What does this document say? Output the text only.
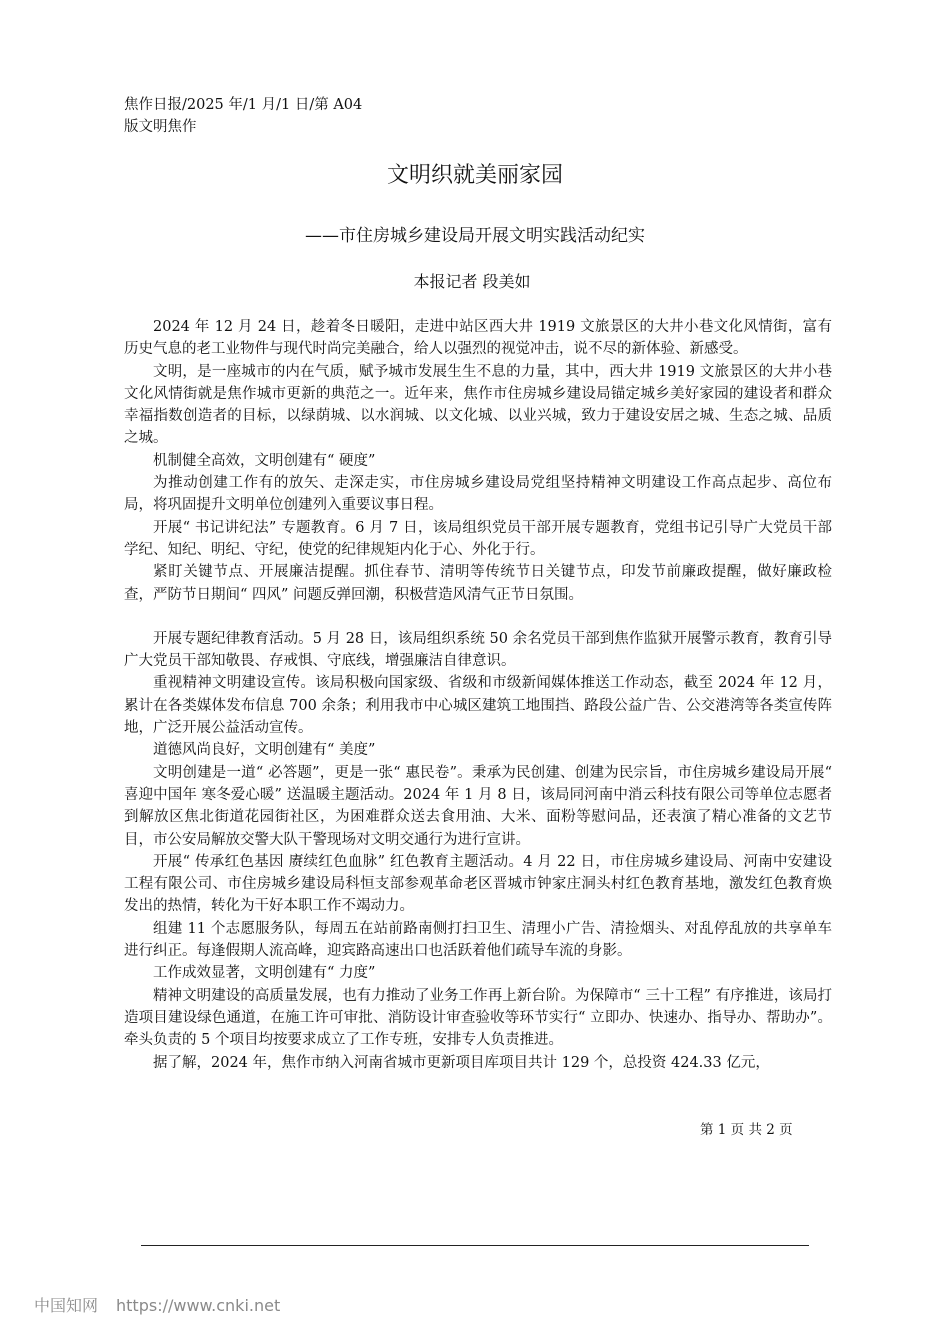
焦作日报/2025 年/1 月/1 日/第 A04
版文明焦作
文明织就美丽家园
——市住房城乡建设局开展文明实践活动纪实
本报记者 段美如

2024 年 12 月 24 日，趁着冬日暖阳，走进中站区西大井 1919 文旅景区的大井小巷文化风情街，富有历史气息的老工业物件与现代时尚完美融合，给人以强烈的视觉冲击，说不尽的新体验、新感受。

文明，是一座城市的内在气质，赋予城市发展生生不息的力量，其中，西大井 1919 文旅景区的大井小巷文化风情街就是焦作城市更新的典范之一。近年来，焦作市住房城乡建设局锚定城乡美好家园的建设者和群众幸福指数创造者的目标，以绿荫城、以水润城、以文化城、以业兴城，致力于建设安居之城、生态之城、品质之城。

机制健全高效，文明创建有“ 硬度”

为推动创建工作有的放矢、走深走实，市住房城乡建设局党组坚持精神文明建设工作高点起步、高位布局，将巩固提升文明单位创建列入重要议事日程。

开展“ 书记讲纪法” 专题教育。6 月 7 日，该局组织党员干部开展专题教育，党组书记引导广大党员干部学纪、知纪、明纪、守纪，使党的纪律规矩内化于心、外化于行。

紧盯关键节点、开展廉洁提醒。抓住春节、清明等传统节日关键节点，印发节前廉政提醒，做好廉政检查，严防节日期间“ 四风” 问题反弹回潮，积极营造风清气正节日氛围。

开展专题纪律教育活动。5 月 28 日，该局组织系统 50 余名党员干部到焦作监狱开展警示教育，教育引导广大党员干部知敬畏、存戒惧、守底线，增强廉洁自律意识。

重视精神文明建设宣传。该局积极向国家级、省级和市级新闻媒体推送工作动态，截至 2024 年 12 月，累计在各类媒体发布信息 700 余条；利用我市中心城区建筑工地围挡、路段公益广告、公交港湾等各类宣传阵地，广泛开展公益活动宣传。

道德风尚良好，文明创建有“ 美度”

文明创建是一道“ 必答题”，更是一张“ 惠民卷”。秉承为民创建、创建为民宗旨，市住房城乡建设局开展“ 喜迎中国年 寒冬爱心暖” 送温暖主题活动。2024 年 1 月 8 日，该局同河南中消云科技有限公司等单位志愿者到解放区焦北街道花园街社区，为困难群众送去食用油、大米、面粉等慰问品，还表演了精心准备的文艺节目，市公安局解放交警大队干警现场对文明交通行为进行宣讲。

开展“ 传承红色基因 赓续红色血脉” 红色教育主题活动。4 月 22 日，市住房城乡建设局、河南中安建设工程有限公司、市住房城乡建设局科恒支部参观革命老区晋城市钟家庄洞头村红色教育基地，激发红色教育焕发出的热情，转化为干好本职工作不竭动力。

组建 11 个志愿服务队，每周五在站前路南侧打扫卫生、清理小广告、清捡烟头、对乱停乱放的共享单车进行纠正。每逢假期人流高峰，迎宾路高速出口也活跃着他们疏导车流的身影。

工作成效显著，文明创建有“ 力度”

精神文明建设的高质量发展，也有力推动了业务工作再上新台阶。为保障市“ 三十工程” 有序推进，该局打造项目建设绿色通道，在施工许可审批、消防设计审查验收等环节实行“ 立即办、快速办、指导办、帮助办”。牵头负责的 5 个项目均按要求成立了工作专班，安排专人负责推进。

据了解，2024 年，焦作市纳入河南省城市更新项目库项目共计 129 个，总投资 424.33 亿元，

第 1 页 共 2 页
中国知网 https://www.cnki.net
